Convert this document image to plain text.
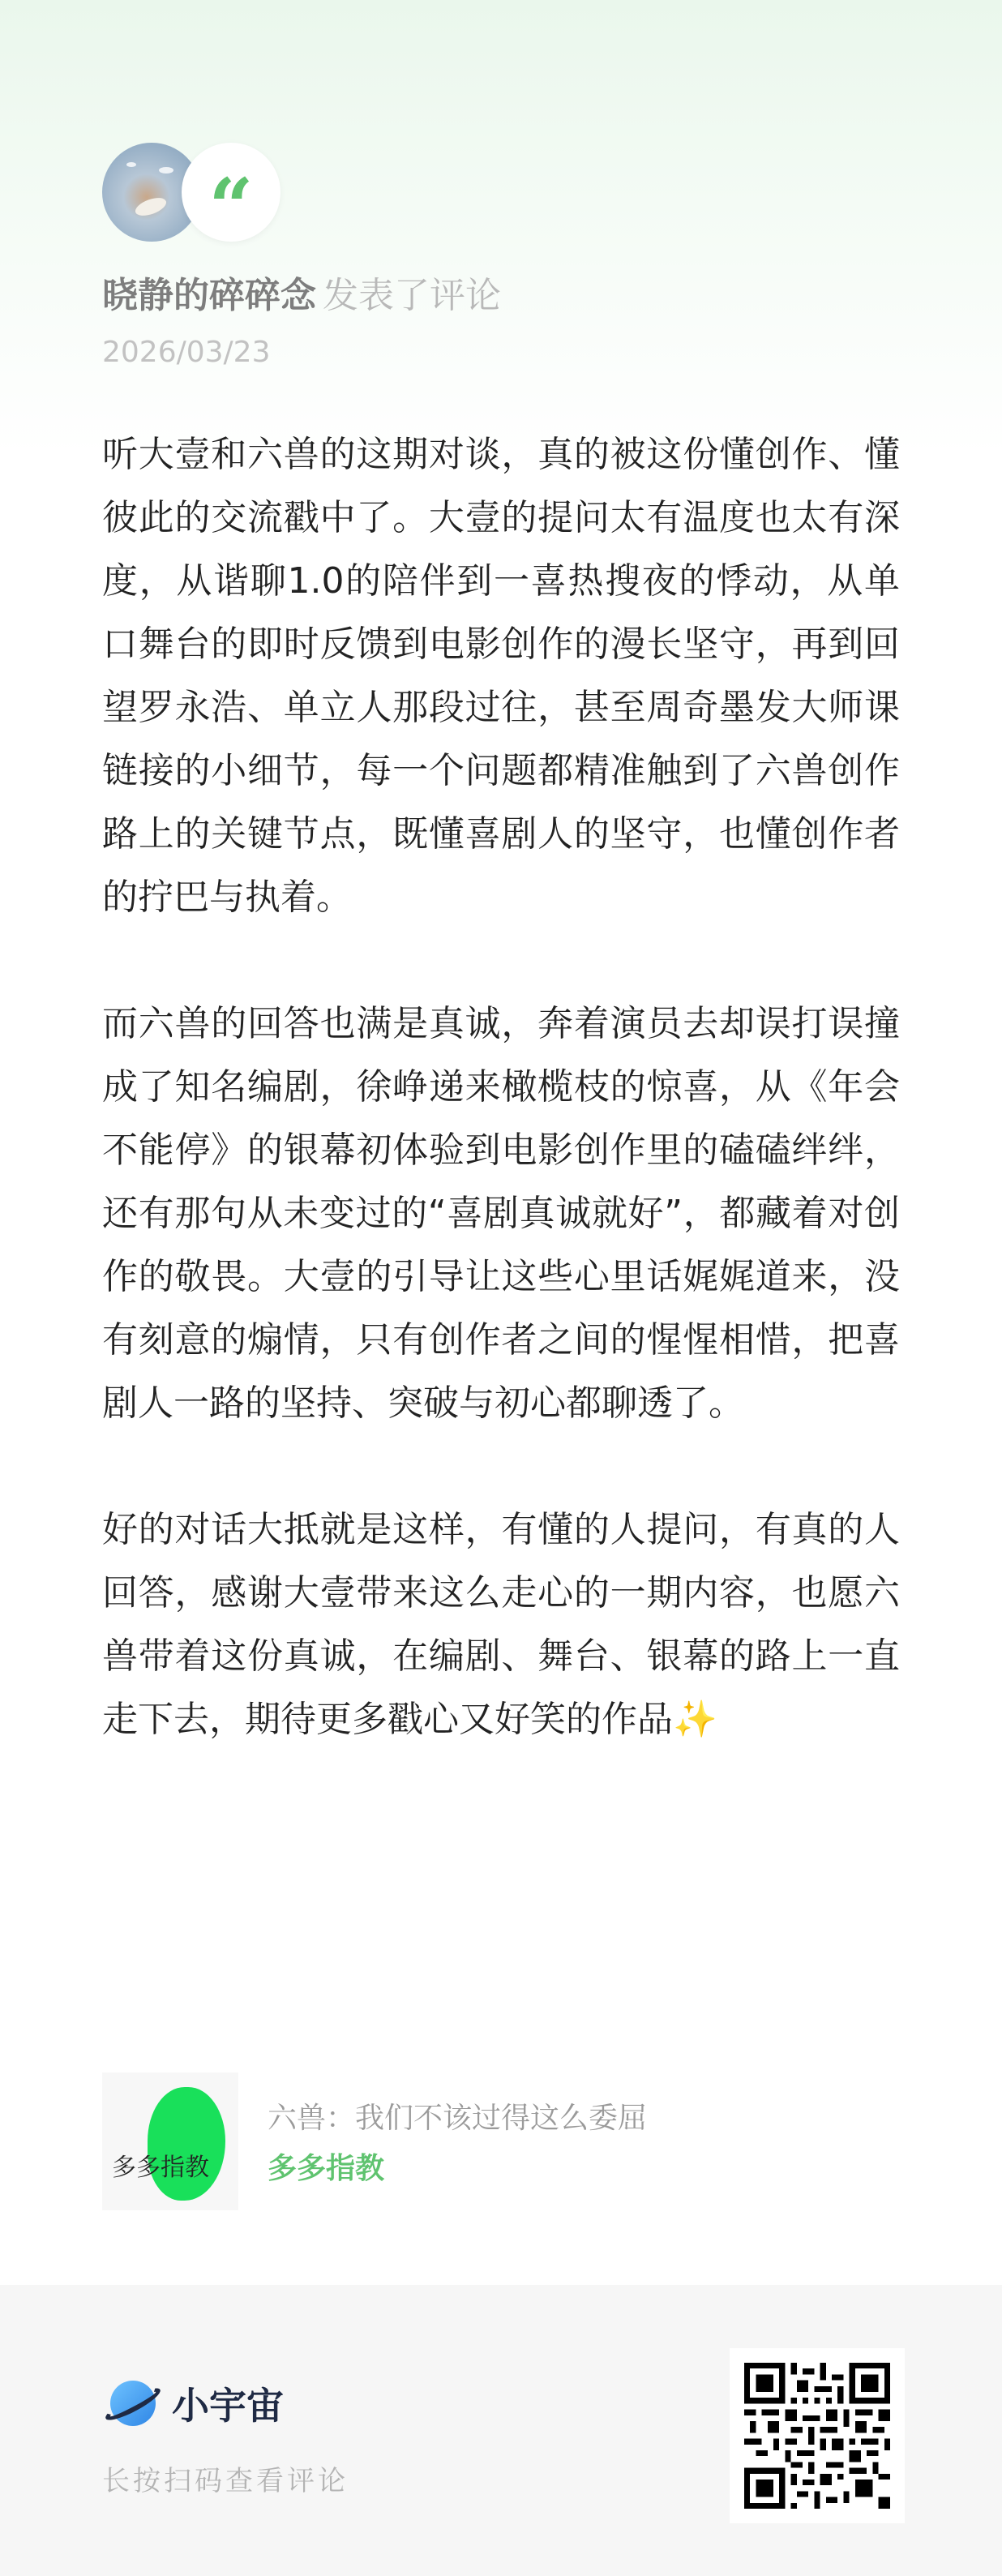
“
晓静的碎碎念 发表了评论
2026/03/23

听大壹和六兽的这期对谈，真的被这份懂创作、懂彼此的交流戳中了。大壹的提问太有温度也太有深度，从谐聊1.0的陪伴到一喜热搜夜的悸动，从单口舞台的即时反馈到电影创作的漫长坚守，再到回望罗永浩、单立人那段过往，甚至周奇墨发大师课链接的小细节，每一个问题都精准触到了六兽创作路上的关键节点，既懂喜剧人的坚守，也懂创作者的拧巴与执着。

而六兽的回答也满是真诚，奔着演员去却误打误撞成了知名编剧，徐峥递来橄榄枝的惊喜，从《年会不能停》的银幕初体验到电影创作里的磕磕绊绊，还有那句从未变过的“喜剧真诚就好”，都藏着对创作的敬畏。大壹的引导让这些心里话娓娓道来，没有刻意的煽情，只有创作者之间的惺惺相惜，把喜剧人一路的坚持、突破与初心都聊透了。

好的对话大抵就是这样，有懂的人提问，有真的人回答，感谢大壹带来这么走心的一期内容，也愿六兽带着这份真诚，在编剧、舞台、银幕的路上一直走下去，期待更多戳心又好笑的作品✨

多多指教
六兽：我们不该过得这么委屈
多多指教
小宇宙
长按扫码查看评论
